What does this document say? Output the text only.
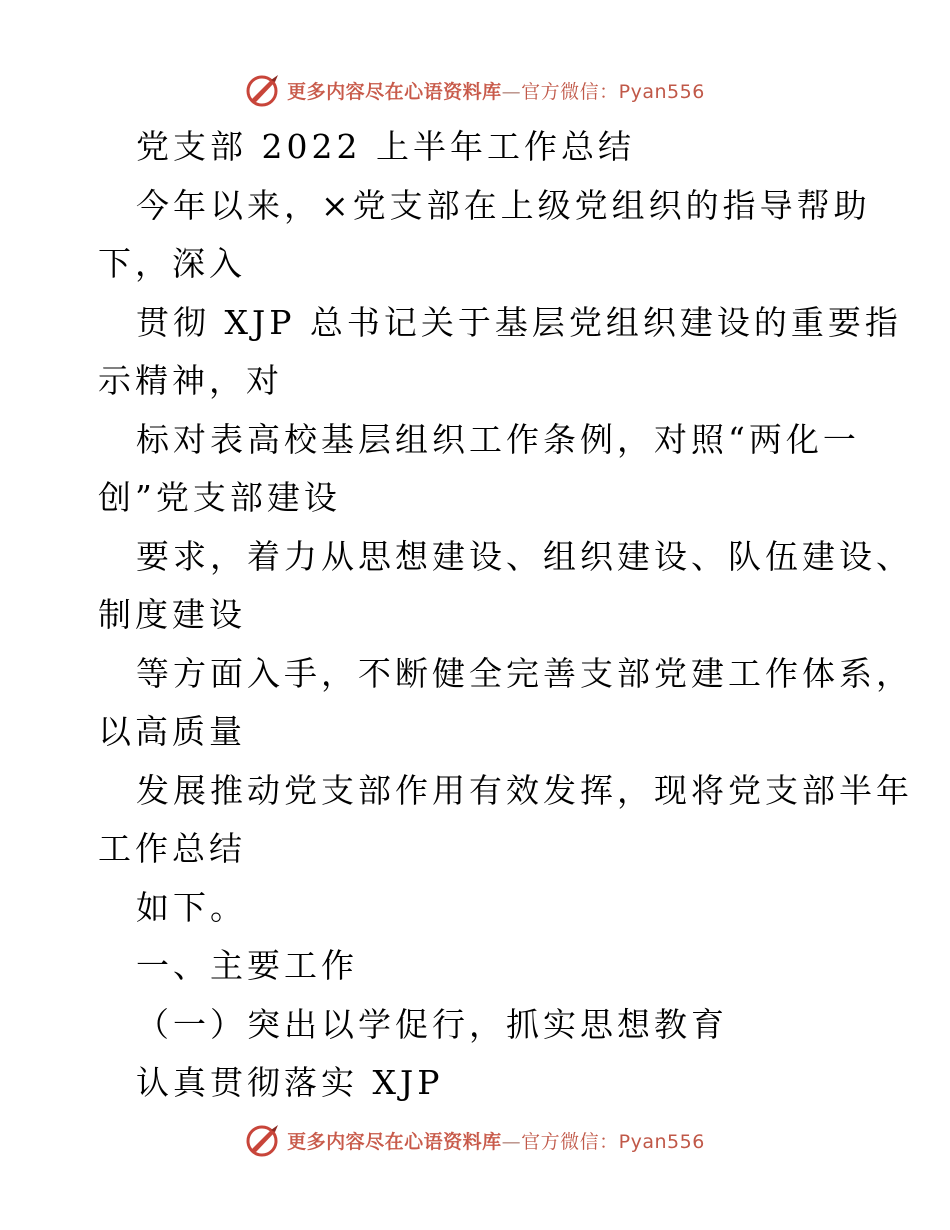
更多内容尽在心语资料库—官方微信：Pyan556
党支部 2022 上半年工作总结
今年以来，×党支部在上级党组织的指导帮助
下，深入
贯彻 XJP 总书记关于基层党组织建设的重要指
示精神，对
标对表高校基层组织工作条例，对照“两化一
创”党支部建设
要求，着力从思想建设、组织建设、队伍建设、
制度建设
等方面入手，不断健全完善支部党建工作体系，
以高质量
发展推动党支部作用有效发挥，现将党支部半年
工作总结
如下。
一、主要工作
（一）突出以学促行，抓实思想教育
认真贯彻落实 XJP
更多内容尽在心语资料库—官方微信：Pyan556
